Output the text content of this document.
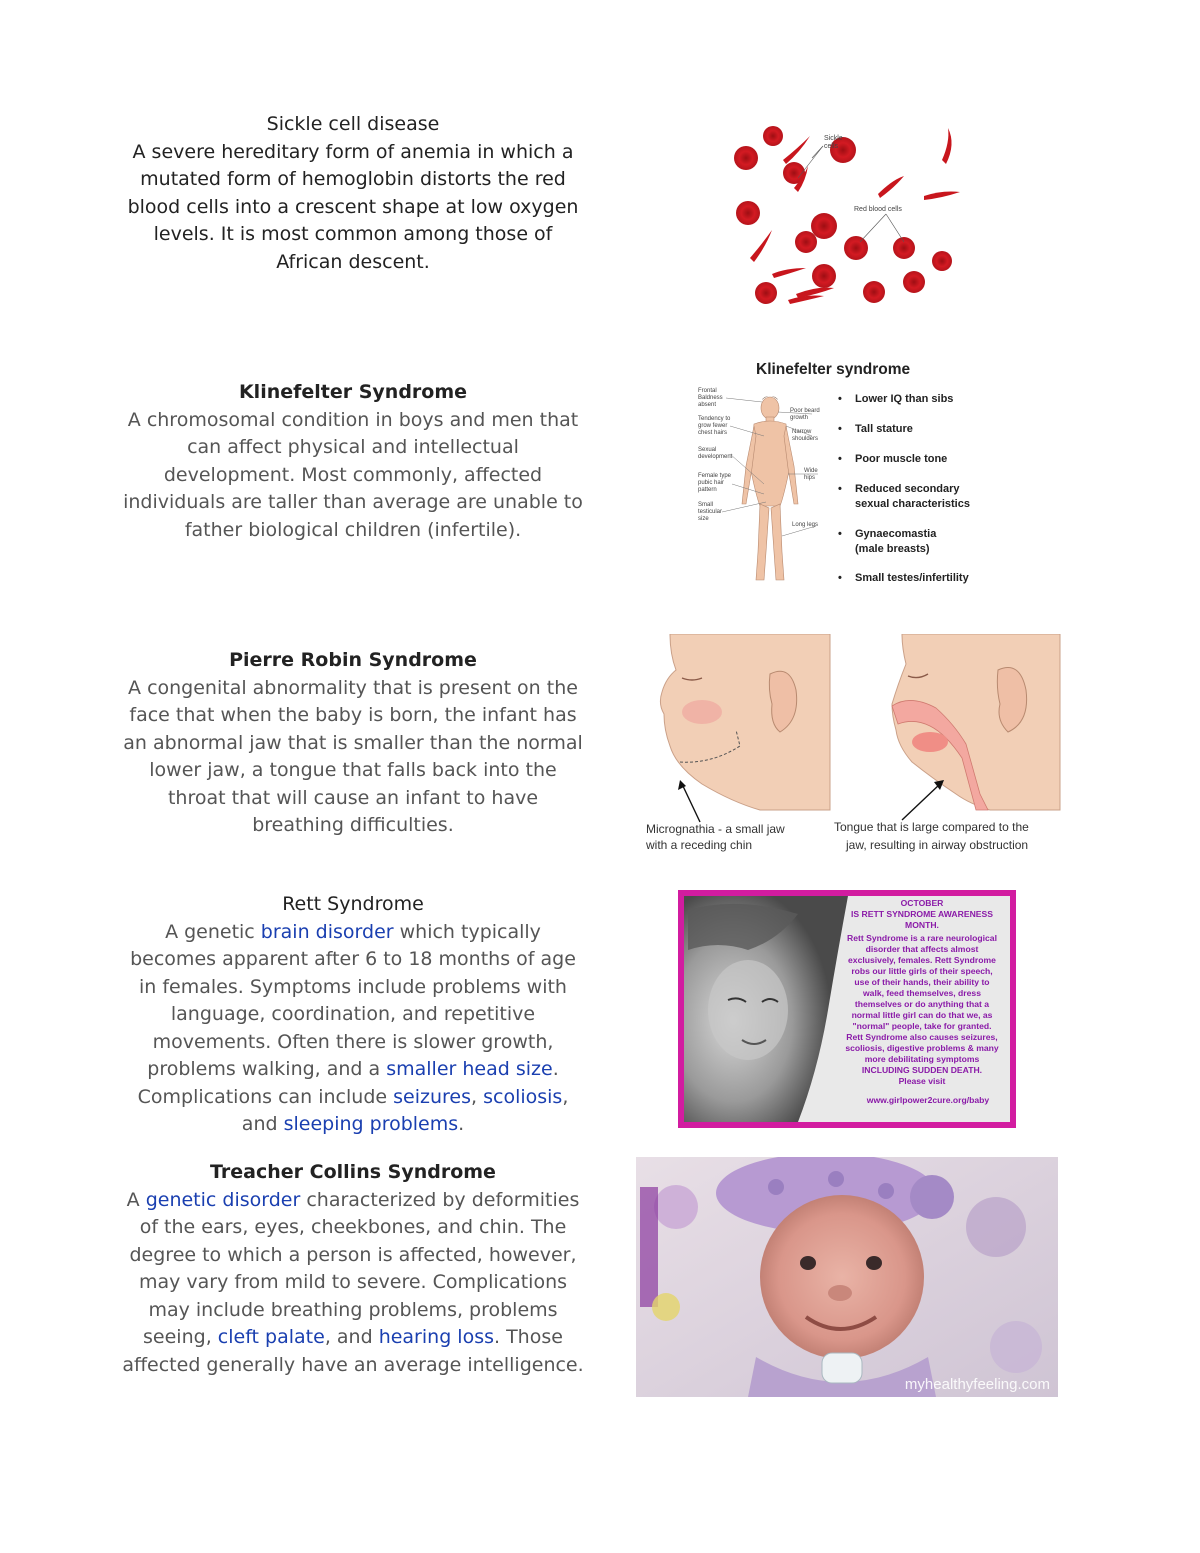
Sickle cell disease

A severe hereditary form of anemia in which a mutated form of hemoglobin distorts the red blood cells into a crescent shape at low oxygen levels. It is most common among those of African descent.

Sickle
cells
Red blood cells

Klinefelter Syndrome

A chromosomal condition in boys and men that can affect physical and intellectual development. Most commonly, affected individuals are taller than average are unable to father biological children (infertile).

Klinefelter syndrome
Frontal
Baldness
absent
Tendency to
grow fewer
chest hairs
Sexual
development
Female type
pubic hair
pattern
Small
testicular
size
Poor beard
growth
Narrow
shoulders
Wide
hips
Long legs
• Lower IQ than sibs
• Tall stature
• Poor muscle tone
• Reduced secondary
sexual characteristics
• Gynaecomastia
(male breasts)
• Small testes/infertility

Pierre Robin Syndrome

A congenital abnormality that is present on the face that when the baby is born, the infant has an abnormal jaw that is smaller than the normal lower jaw, a tongue that falls back into the throat that will cause an infant to have breathing difficulties.	Micrognathia - a small jaw
with a receding chin
Tongue that is large compared to the
jaw, resulting in airway obstruction

Rett Syndrome

A genetic brain disorder which typically becomes apparent after 6 to 18 months of age in females. Symptoms include problems with language, coordination, and repetitive movements. Often there is slower growth, problems walking, and a smaller head size. Complications can include seizures, scoliosis, and sleeping problems.

OCTOBER
IS RETT SYNDROME AWARENESS
MONTH.
Rett Syndrome is a rare neurological
disorder that affects almost
exclusively, females. Rett Syndrome
robs our little girls of their speech,
use of their hands, their ability to
walk, feed themselves, dress
themselves or do anything that a
normal little girl can do that we, as
"normal" people, take for granted.
Rett Syndrome also causes seizures,
scoliosis, digestive problems & many
more debilitating symptoms
INCLUDING SUDDEN DEATH.
Please visit
www.girlpower2cure.org/baby

Treacher Collins Syndrome

A genetic disorder characterized by deformities of the ears, eyes, cheekbones, and chin. The degree to which a person is affected, however, may vary from mild to severe. Complications may include breathing problems, problems seeing, cleft palate, and hearing loss. Those affected generally have an average intelligence.

myhealthyfeeling.com
